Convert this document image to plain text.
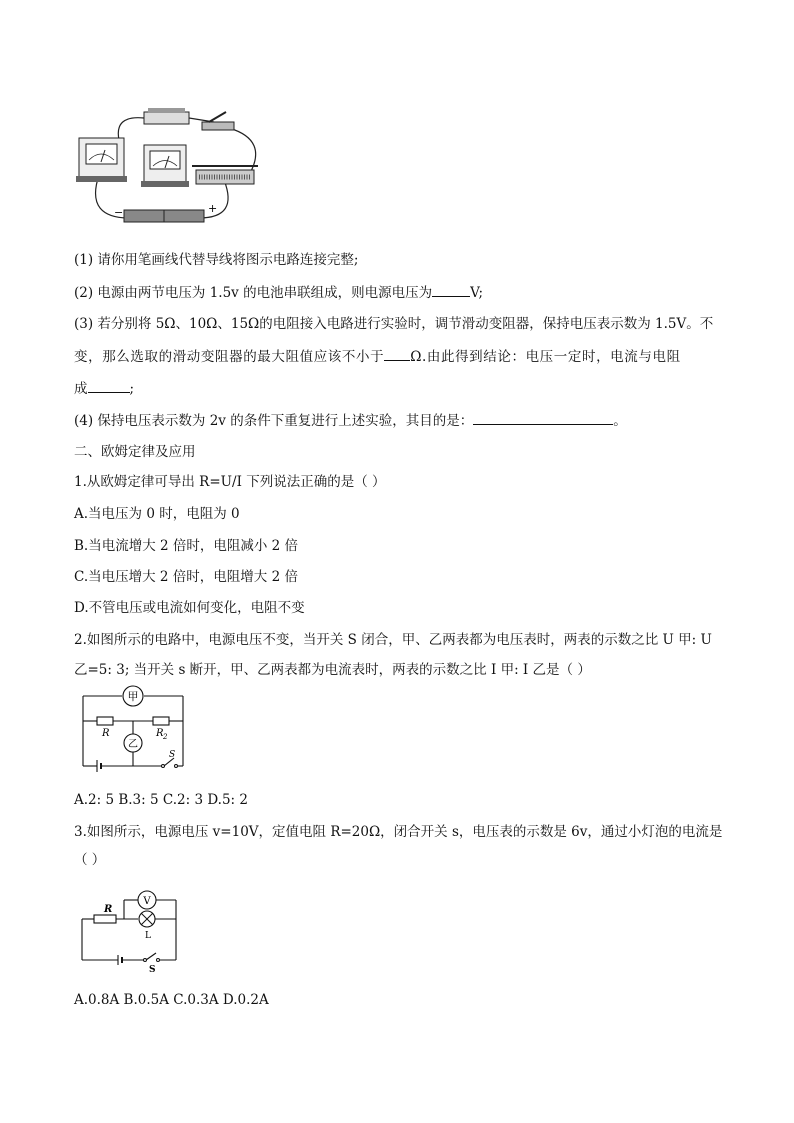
−	+
(1) 请你用笔画线代替导线将图示电路连接完整;
(2) 电源由两节电压为 1.5v 的电池串联组成，则电源电压为	V;
(3) 若分别将 5Ω、10Ω、15Ω的电阻接入电路进行实验时，调节滑动变阻器，保持电压表示数为 1.5V。不
变，那么选取的滑动变阻器的最大阻值应该不小于 Ω.由此得到结论：电压一定时，电流与电阻
成	;
(4) 保持电压表示数为 2v 的条件下重复进行上述实验，其目的是：	。
二、欧姆定律及应用
1.从欧姆定律可导出 R=U/I 下列说法正确的是（ ）
A.当电压为 0 时，电阻为 0
B.当电流增大 2 倍时，电阻减小 2 倍
C.当电压增大 2 倍时，电阻增大 2 倍
D.不管电压或电流如何变化，电阻不变
2.如图所示的电路中，电源电压不变，当开关 S 闭合，甲、乙两表都为电压表时，两表的示数之比 U 甲: U
乙=5: 3; 当开关 s 断开，甲、乙两表都为电流表时，两表的示数之比 I 甲: I 乙是（ ）
甲
R	R 2
乙
S
A.2: 5 B.3: 5 C.2: 3 D.5: 2
3.如图所示，电源电压 v=10V，定值电阻 R=20Ω，闭合开关 s，电压表的示数是 6v，通过小灯泡的电流是
（ ）
R
L
V
S
A.0.8A B.0.5A C.0.3A D.0.2A
